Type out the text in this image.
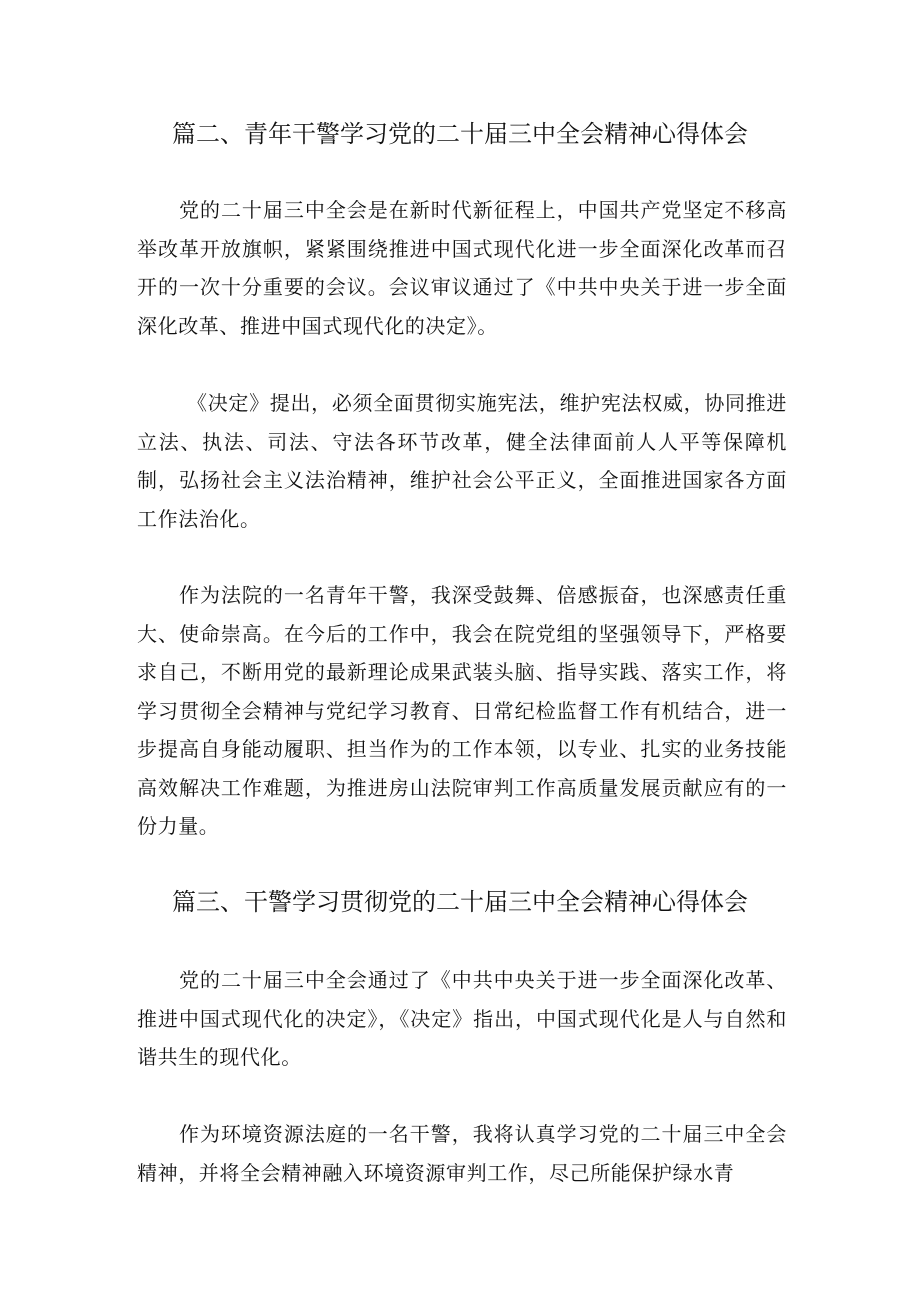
篇二、青年干警学习党的二十届三中全会精神心得体会

党的二十届三中全会是在新时代新征程上，中国共产党坚定不移高举改革开放旗帜，紧紧围绕推进中国式现代化进一步全面深化改革而召开的一次十分重要的会议。会议审议通过了《中共中央关于进一步全面深化改革、推进中国式现代化的决定》。

《决定》提出，必须全面贯彻实施宪法，维护宪法权威，协同推进立法、执法、司法、守法各环节改革，健全法律面前人人平等保障机制，弘扬社会主义法治精神，维护社会公平正义，全面推进国家各方面工作法治化。

作为法院的一名青年干警，我深受鼓舞、倍感振奋，也深感责任重大、使命崇高。在今后的工作中，我会在院党组的坚强领导下，严格要求自己，不断用党的最新理论成果武装头脑、指导实践、落实工作，将学习贯彻全会精神与党纪学习教育、日常纪检监督工作有机结合，进一步提高自身能动履职、担当作为的工作本领，以专业、扎实的业务技能高效解决工作难题，为推进房山法院审判工作高质量发展贡献应有的一份力量。

篇三、干警学习贯彻党的二十届三中全会精神心得体会

党的二十届三中全会通过了《中共中央关于进一步全面深化改革、推进中国式现代化的决定》，《决定》指出，中国式现代化是人与自然和谐共生的现代化。

作为环境资源法庭的一名干警，我将认真学习党的二十届三中全会精神，并将全会精神融入环境资源审判工作，尽己所能保护绿水青
